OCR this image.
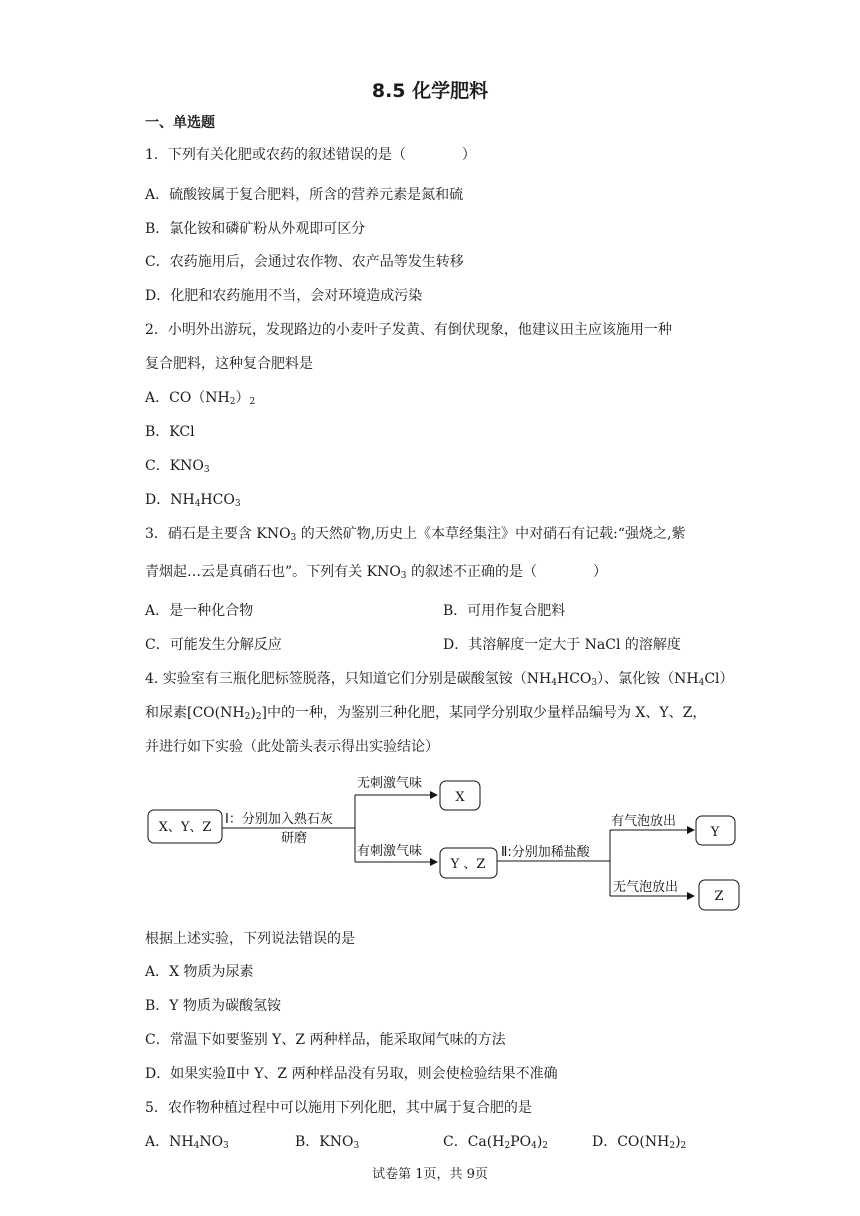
8.5 化学肥料
一、单选题
1．下列有关化肥或农药的叙述错误的是（　　　　）
A．硫酸铵属于复合肥料，所含的营养元素是氮和硫
B．氯化铵和磷矿粉从外观即可区分
C．农药施用后，会通过农作物、农产品等发生转移
D．化肥和农药施用不当，会对环境造成污染
2．小明外出游玩，发现路边的小麦叶子发黄、有倒伏现象，他建议田主应该施用一种
复合肥料，这种复合肥料是
A．$CO(NH_2)_2$
B．KCl
C．$KNO_3$
D．$NH_4HCO_3$
3．硝石是主要含 $KNO_3$ 的天然矿物,历史上《本草经集注》中对硝石有记载:“强烧之,紫
青烟起…云是真硝石也”。下列有关 $KNO_3$ 的叙述不正确的是（　　　　）
A．是一种化合物	B．可用作复合肥料
C．可能发生分解反应	D．其溶解度一定大于 NaCl 的溶解度
4. 实验室有三瓶化肥标签脱落，只知道它们分别是碳酸氢铵$(NH_4HCO_3)$、氯化铵$(NH_4Cl)$
和尿素$[CO(NH_2)_2]$中的一种，为鉴别三种化肥，某同学分别取少量样品编号为 X、Y、Z，
并进行如下实验（此处箭头表示得出实验结论）
X、Y、Z
Ⅰ：分别加入熟石灰
研磨
无刺激气味
有刺激气味
X
Y 、Z
Ⅱ:分别加稀盐酸
有气泡放出
无气泡放出
Y
Z
根据上述实验，下列说法错误的是
A．X 物质为尿素
B．Y 物质为碳酸氢铵
C．常温下如要鉴别 Y、Z 两种样品，能采取闻气味的方法
D．如果实验Ⅱ中 Y、Z 两种样品没有另取，则会使检验结果不准确
5．农作物种植过程中可以施用下列化肥，其中属于复合肥的是
A．$NH_4NO_3$	B．$KNO_3$	C．$Ca(H_2PO_4)_2$	D．$CO(NH_2)_2$
试卷第 1页，共 9页
